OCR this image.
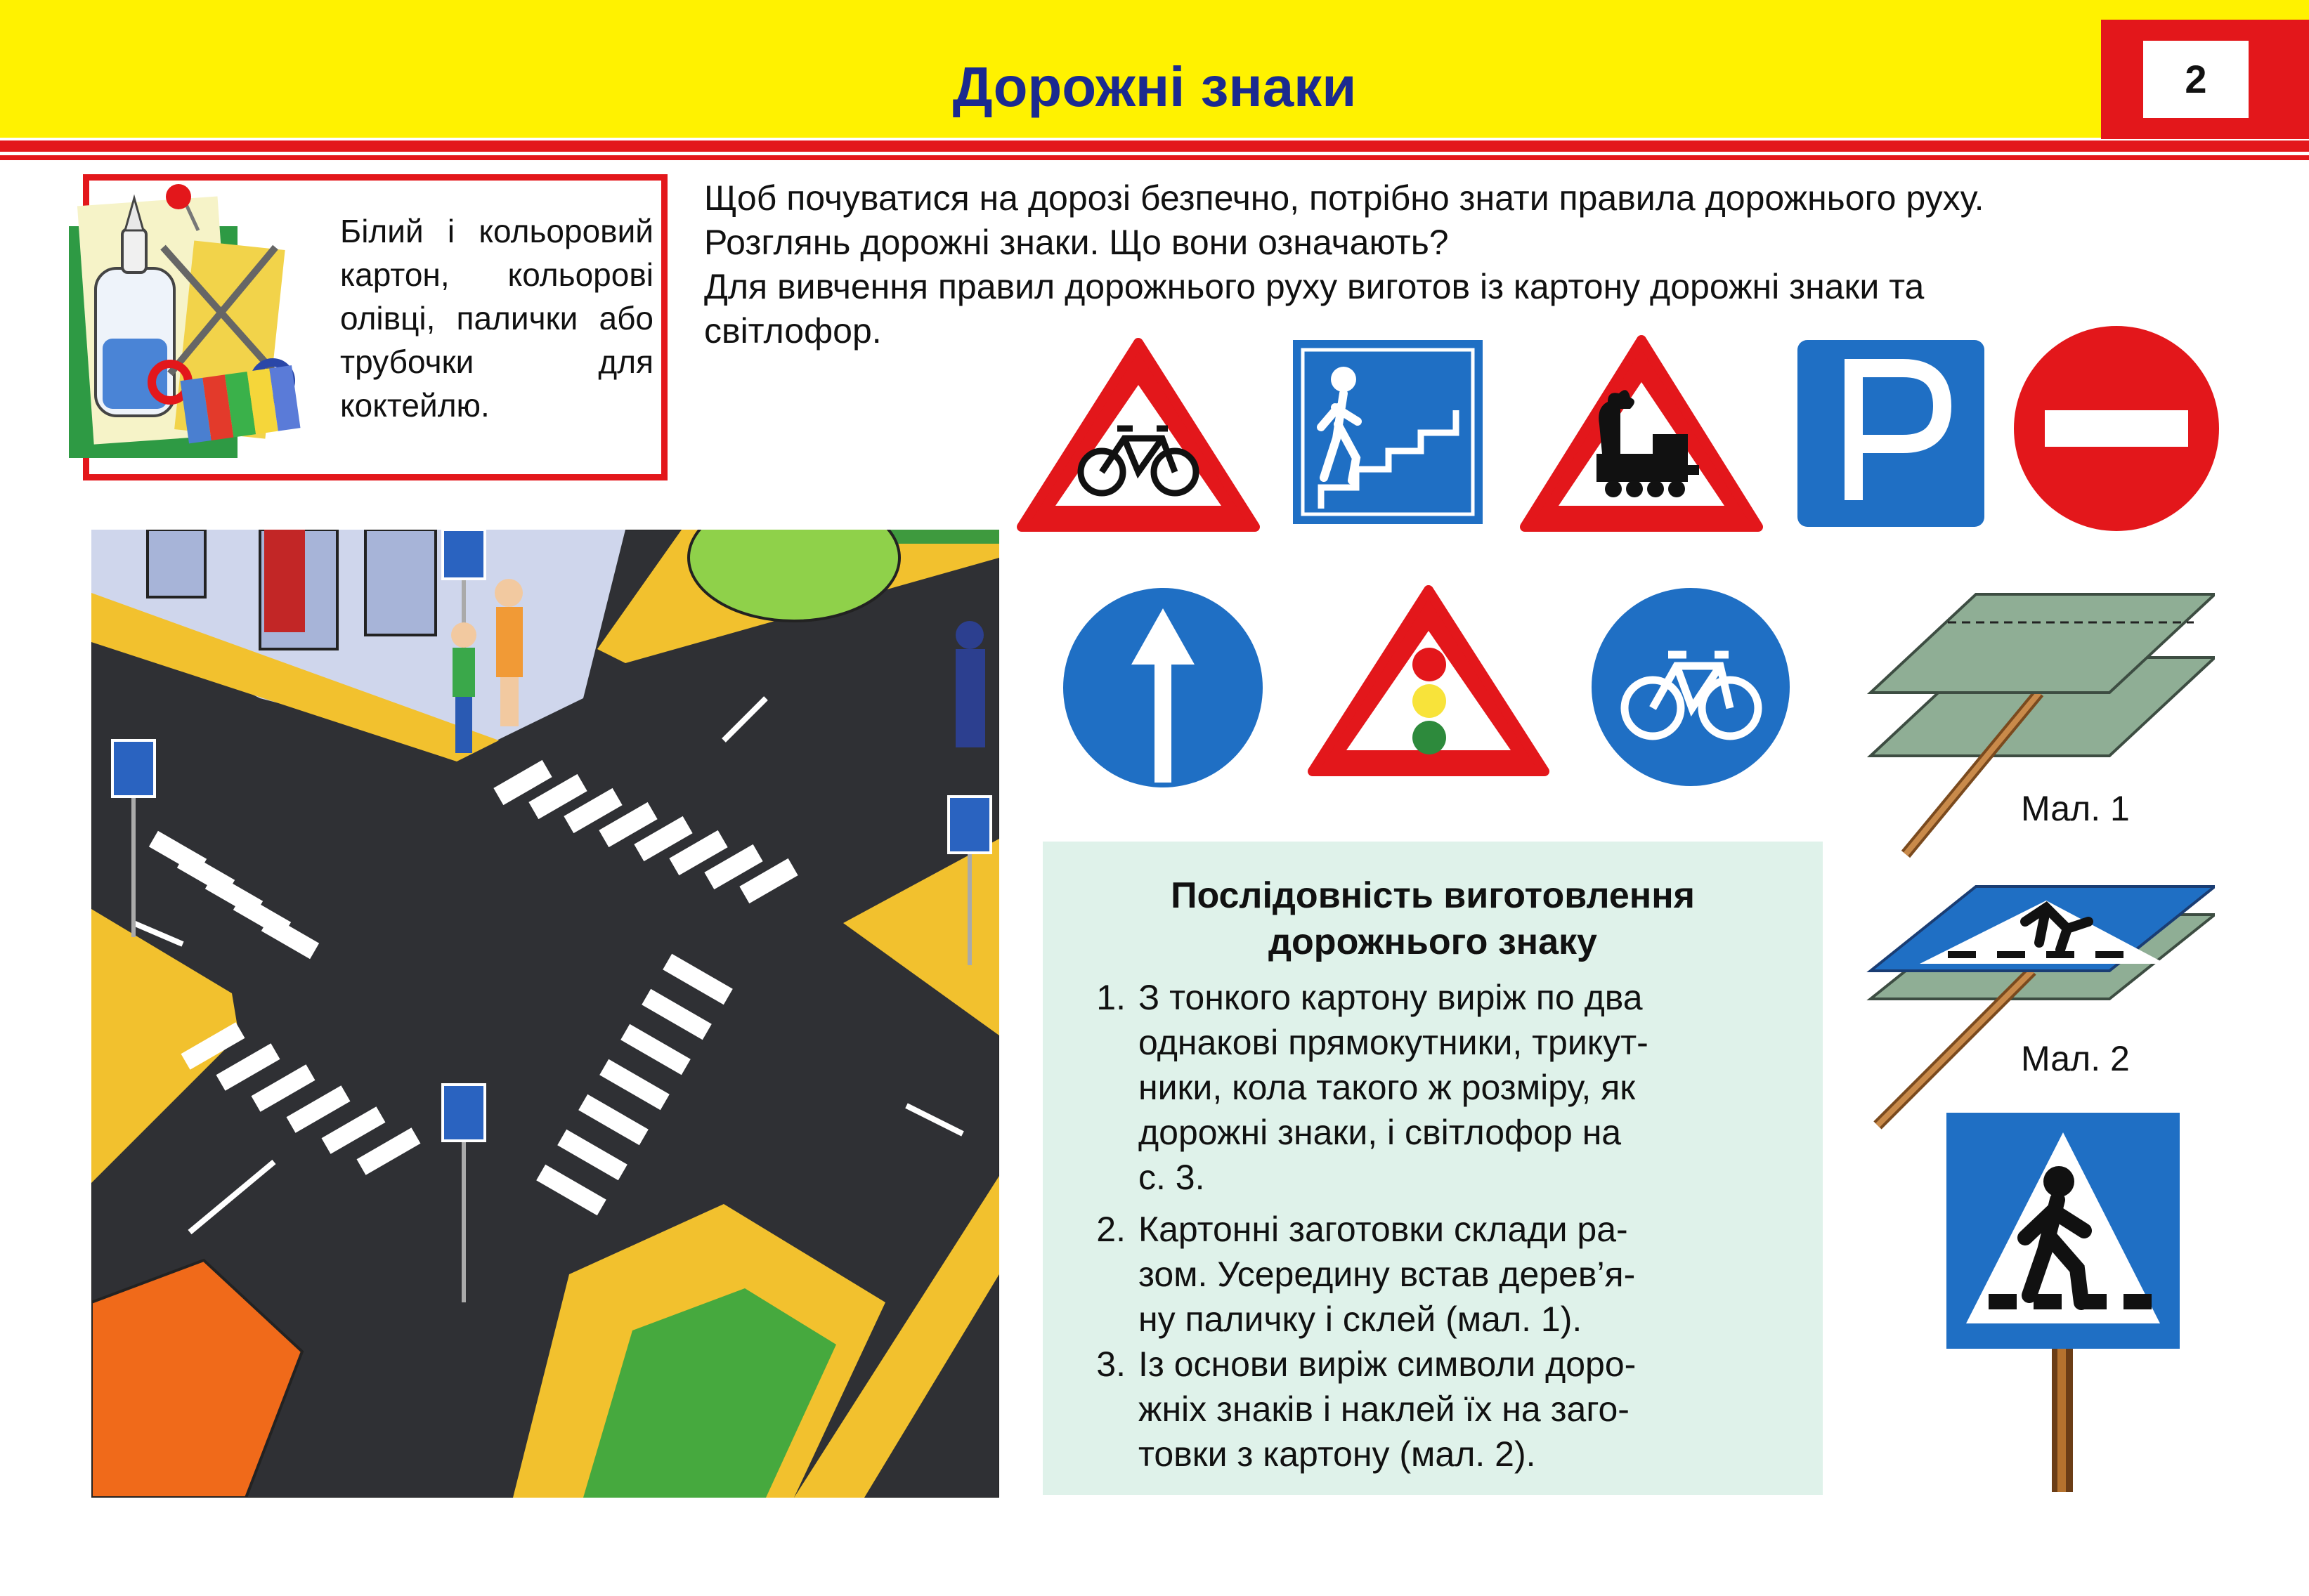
Дорожні знаки	2
Білий і кольоровий картон, кольорові олівці, палички або трубочки для коктейлю.
Щоб почуватися на дорозі безпечно, потрібно знати правила дорожнього руху.
Розглянь дорожні знаки. Що вони означають?
Для вивчення правил дорожнього руху виготов із картону дорожні знаки та
світлофор.
Послідовність виготовлення
дорожнього знаку
1. З тонкого картону виріж по два
однакові прямокутники, трикут-
ники, кола такого ж розміру, як
дорожні знаки, і світлофор на
с. 3.
2. Картонні заготовки склади ра-
зом. Усередину встав дерев’я-
ну паличку і склей (мал. 1).
3. Із основи виріж символи доро-
жніх знаків і наклей їх на заго-
товки з картону (мал. 2).
Мал. 1
Мал. 2
